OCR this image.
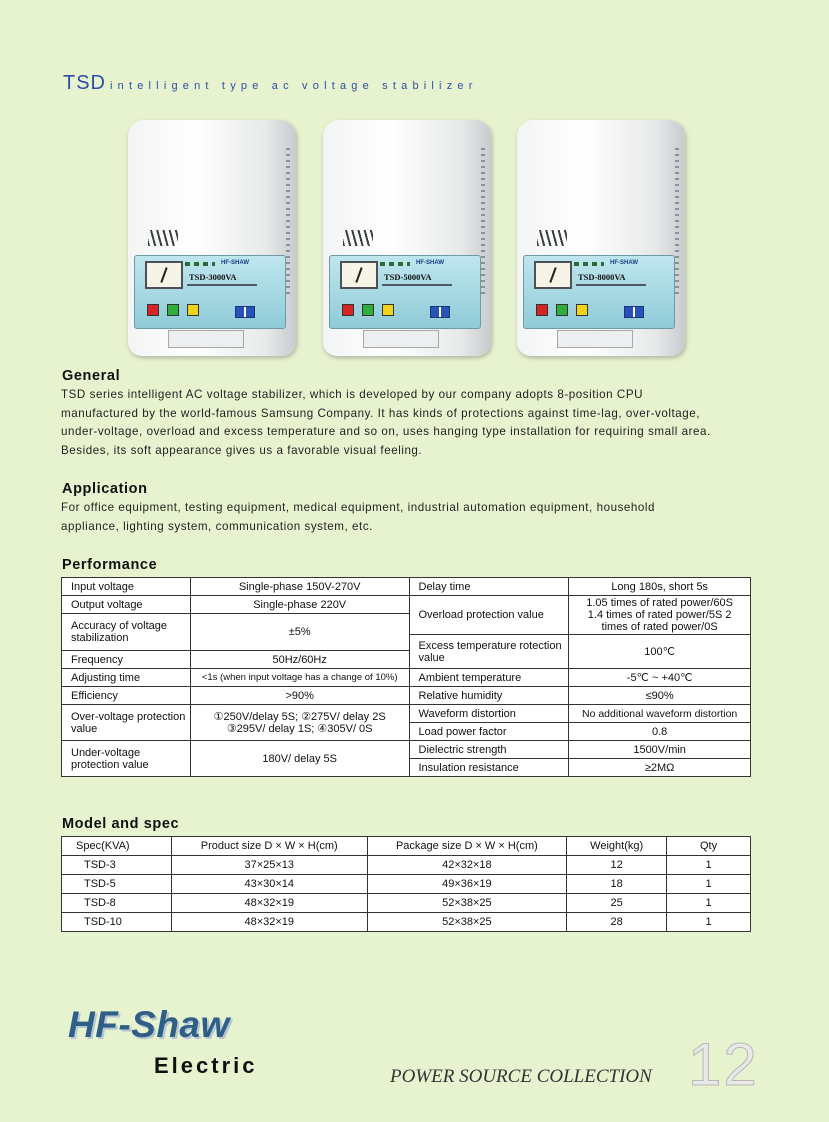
TSD intelligent type ac voltage stabilizer
HF-SHAW
TSD-3000VA
HF-SHAW
TSD-5000VA
HF-SHAW
TSD-8000VA
General
TSD series intelligent AC voltage stabilizer, which is developed by our company adopts 8-position CPU
manufactured by the world-famous Samsung Company. It has kinds of protections against time-lag, over-voltage,
under-voltage, overload and excess temperature and so on, uses hanging type installation for requiring small area.
Besides, its soft appearance gives us a favorable visual feeling.
Application
For office equipment, testing equipment, medical equipment, industrial automation equipment, household
appliance, lighting system, communication system, etc.
Performance
Input voltage	Single-phase 150V-270V	Delay time	Long 180s, short 5s
Output voltage	Single-phase 220V	Overload protection value	1.05 times of rated power/60S 1.4 times of rated power/5S 2 times of rated power/0S
Accuracy of voltage stabilization	±5%		
		Excess temperature rotection value	100℃
Frequency	50Hz/60Hz		
Adjusting time	<1s (when input voltage has a change of 10%)	Ambient temperature	-5℃ ~ +40℃
Efficiency	>90%	Relative humidity	≤90%
Over-voltage protection value	①250V/delay 5S; ②275V/ delay 2S ③295V/ delay 1S; ④305V/ 0S	Waveform distortion	No additional waveform distortion
		Load power factor	0.8
Under-voltage protection value	180V/ delay 5S	Dielectric strength	1500V/min
		Insulation resistance	≥2MΩ
Model and spec
Spec(KVA)	Product size D × W × H(cm)	Package size D × W × H(cm)	Weight(kg)	Qty
TSD-3	37×25×13	42×32×18	12	1
TSD-5	43×30×14	49×36×19	18	1
TSD-8	48×32×19	52×38×25	25	1
TSD-10	48×32×19	52×38×25	28	1
HF-Shaw
Electric	POWER SOURCE COLLECTION 12
